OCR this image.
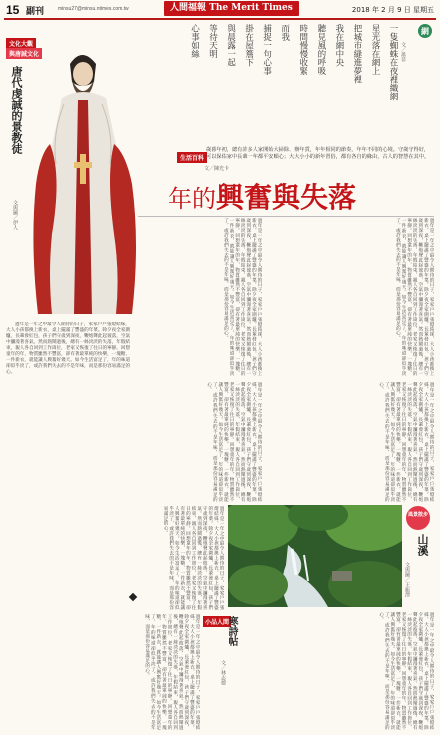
15 副刊	minsu27@minsu.ntimes.com.tw	人間福報 The Merit Times	2018 年 2 月 9 日 星期五
網
文／墨菲
一隻蜘蛛在夜裡織網
星光落在網上
把城市縫進夢裡
我在網中央
聽見風的呼吸
時間慢慢收緊
而我
捕捉一句心事
掛在屋簷下
與晨露一起
等待天明
心事如絲
文化大觀
與唐誠文化
唐代虔誠的景教徒
文與圖／伊人
生活百科
文／陳光卡
歲暮年初，總有許多人家開始大掃除、辦年貨，年年相同的節奏，年年不同的心境。守歲守得好，可以保佑家中長輩一年都平安順心；大大小小的新年習俗，都有各自的緣由，古人的智慧在其中。
年的興奮與失落
過年是一年之中最令人期待的日子，家家戶戶張燈結綵，大人小孩都換上新衣，桌上擺滿了豐盛的年菜。除夕夜全家圍爐，長輩發紅包，孩子們守歲到深夜，鞭炮聲此起彼落，空氣中瀰漫著喜氣。然而熱鬧過後，總有一絲淡淡的失落，年假結束，親人各自回到工作崗位，老家又恢復了往日的寧靜。回想童年的年，物質雖然不豐富，卻有著最單純的快樂，一塊糖、一件新衣，就能讓人興奮好幾天。如今生活富足了，年的味道卻似乎淡了，或許我們失去的不是年味，而是那份容易滿足的心。	過年是一年之中最令人期待的日子，家家戶戶張燈結綵，大人小孩都換上新衣，桌上擺滿了豐盛的年菜。除夕夜全家圍爐，長輩發紅包，孩子們守歲到深夜，鞭炮聲此起彼落，空氣中瀰漫著喜氣。然而熱鬧過後，總有一絲淡淡的失落，年假結束，親人各自回到工作崗位，老家又恢復了往日的寧靜。回想童年的年，物質雖然不豐富，卻有著最單純的快樂，一塊糖、一件新衣，就能讓人興奮好幾天。如今生活富足了，年的味道卻似乎淡了，或許我們失去的不是年味，而是那份容易滿足的心。	過年是一年之中最令人期待的日子，家家戶戶張燈結綵，大人小孩都換上新衣，桌上擺滿了豐盛的年菜。除夕夜全家圍爐，長輩發紅包，孩子們守歲到深夜，鞭炮聲此起彼落，空氣中瀰漫著喜氣。然而熱鬧過後，總有一絲淡淡的失落，年假結束，親人各自回到工作崗位，老家又恢復了往日的寧靜。回想童年的年，物質雖然不豐富，卻有著最單純的快樂，一塊糖、一件新衣，就能讓人興奮好幾天。如今生活富足了，年的味道卻似乎淡了，或許我們失去的不是年味，而是那份容易滿足的心。
過年是一年之中最令人期待的日子，家家戶戶張燈結綵，大人小孩都換上新衣，桌上擺滿了豐盛的年菜。除夕夜全家圍爐，長輩發紅包，孩子們守歲到深夜，鞭炮聲此起彼落，空氣中瀰漫著喜氣。然而熱鬧過後，總有一絲淡淡的失落，年假結束，親人各自回到工作崗位，老家又恢復了往日的寧靜。回想童年的年，物質雖然不豐富，卻有著最單純的快樂，一塊糖、一件新衣，就能讓人興奮好幾天。如今生活富足了，年的味道卻似乎淡了，或許我們失去的不是年味，而是那份容易滿足的心。	過年是一年之中最令人期待的日子，家家戶戶張燈結綵，大人小孩都換上新衣，桌上擺滿了豐盛的年菜。除夕夜全家圍爐，長輩發紅包，孩子們守歲到深夜，鞭炮聲此起彼落，空氣中瀰漫著喜氣。然而熱鬧過後，總有一絲淡淡的失落，年假結束，親人各自回到工作崗位，老家又恢復了往日的寧靜。回想童年的年，物質雖然不豐富，卻有著最單純的快樂，一塊糖、一件新衣，就能讓人興奮好幾天。如今生活富足了，年的味道卻似乎淡了，或許我們失去的不是年味，而是那份容易滿足的心。
風景散步
山溪
文與圖／王振澤
過年是一年之中最令人期待的日子，家家戶戶張燈結綵，大人小孩都換上新衣，桌上擺滿了豐盛的年菜。除夕夜全家圍爐，長輩發紅包，孩子們守歲到深夜，鞭炮聲此起彼落，空氣中瀰漫著喜氣。然而熱鬧過後，總有一絲淡淡的失落，年假結束，親人各自回到工作崗位，老家又恢復了往日的寧靜。回想童年的年，物質雖然不豐富，卻有著最單純的快樂，一塊糖、一件新衣，就能讓人興奮好幾天。如今生活富足了，年的味道卻似乎淡了，或許我們失去的不是年味，而是那份容易滿足的心。
小品人間
寒詩帖
文／林志德
過年是一年之中最令人期待的日子，家家戶戶張燈結綵，大人小孩都換上新衣，桌上擺滿了豐盛的年菜。除夕夜全家圍爐，長輩發紅包，孩子們守歲到深夜，鞭炮聲此起彼落，空氣中瀰漫著喜氣。然而熱鬧過後，總有一絲淡淡的失落，年假結束，親人各自回到工作崗位，老家又恢復了往日的寧靜。回想童年的年，物質雖然不豐富，卻有著最單純的快樂，一塊糖、一件新衣，就能讓人興奮好幾天。如今生活富足了，年的味道卻似乎淡了，或許我們失去的不是年味，而是那份容易滿足的心。	過年是一年之中最令人期待的日子，家家戶戶張燈結綵，大人小孩都換上新衣，桌上擺滿了豐盛的年菜。除夕夜全家圍爐，長輩發紅包，孩子們守歲到深夜，鞭炮聲此起彼落，空氣中瀰漫著喜氣。然而熱鬧過後，總有一絲淡淡的失落，年假結束，親人各自回到工作崗位，老家又恢復了往日的寧靜。回想童年的年，物質雖然不豐富，卻有著最單純的快樂，一塊糖、一件新衣，就能讓人興奮好幾天。如今生活富足了，年的味道卻似乎淡了，或許我們失去的不是年味，而是那份容易滿足的心。
